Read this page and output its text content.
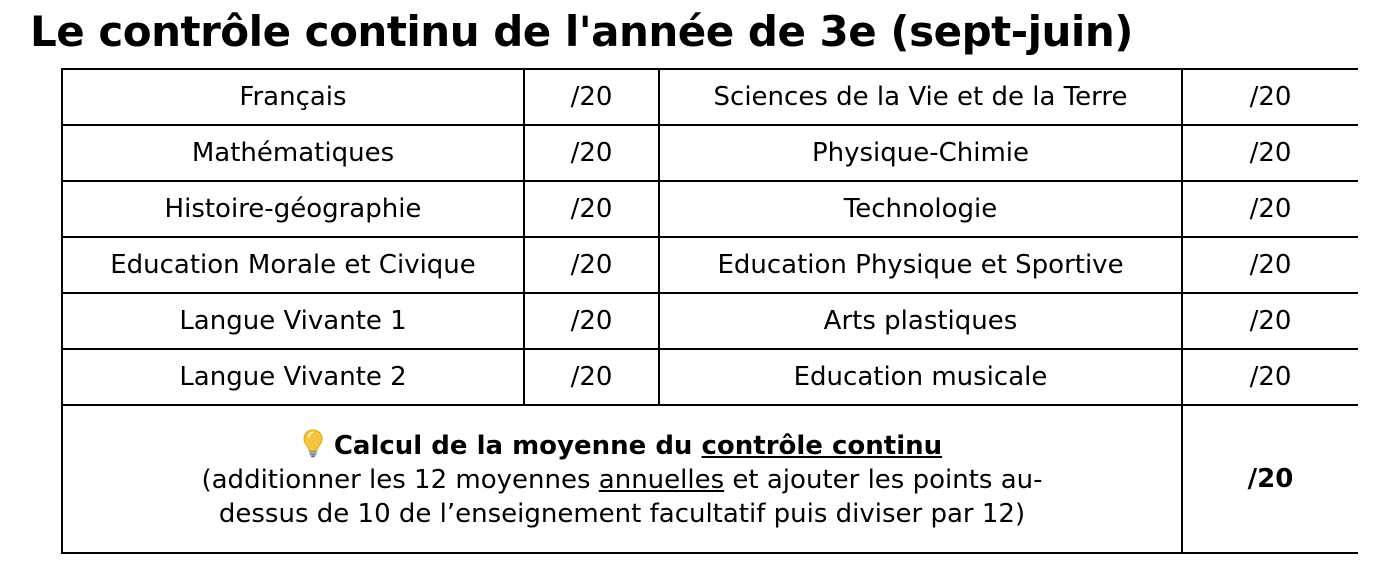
Le contrôle continu de l'année de 3e (sept-juin)
Français	/20	Sciences de la Vie et de la Terre	/20
Mathématiques	/20	Physique-Chimie	/20
Histoire-géographie	/20	Technologie	/20
Education Morale et Civique	/20	Education Physique et Sportive	/20
Langue Vivante 1	/20	Arts plastiques	/20
Langue Vivante 2	/20	Education musicale	/20

Calcul de la moyenne du contrôle continu
(additionner les 12 moyennes annuelles et ajouter les points au-
dessus de 10 de l’enseignement facultatif puis diviser par 12)			/20
